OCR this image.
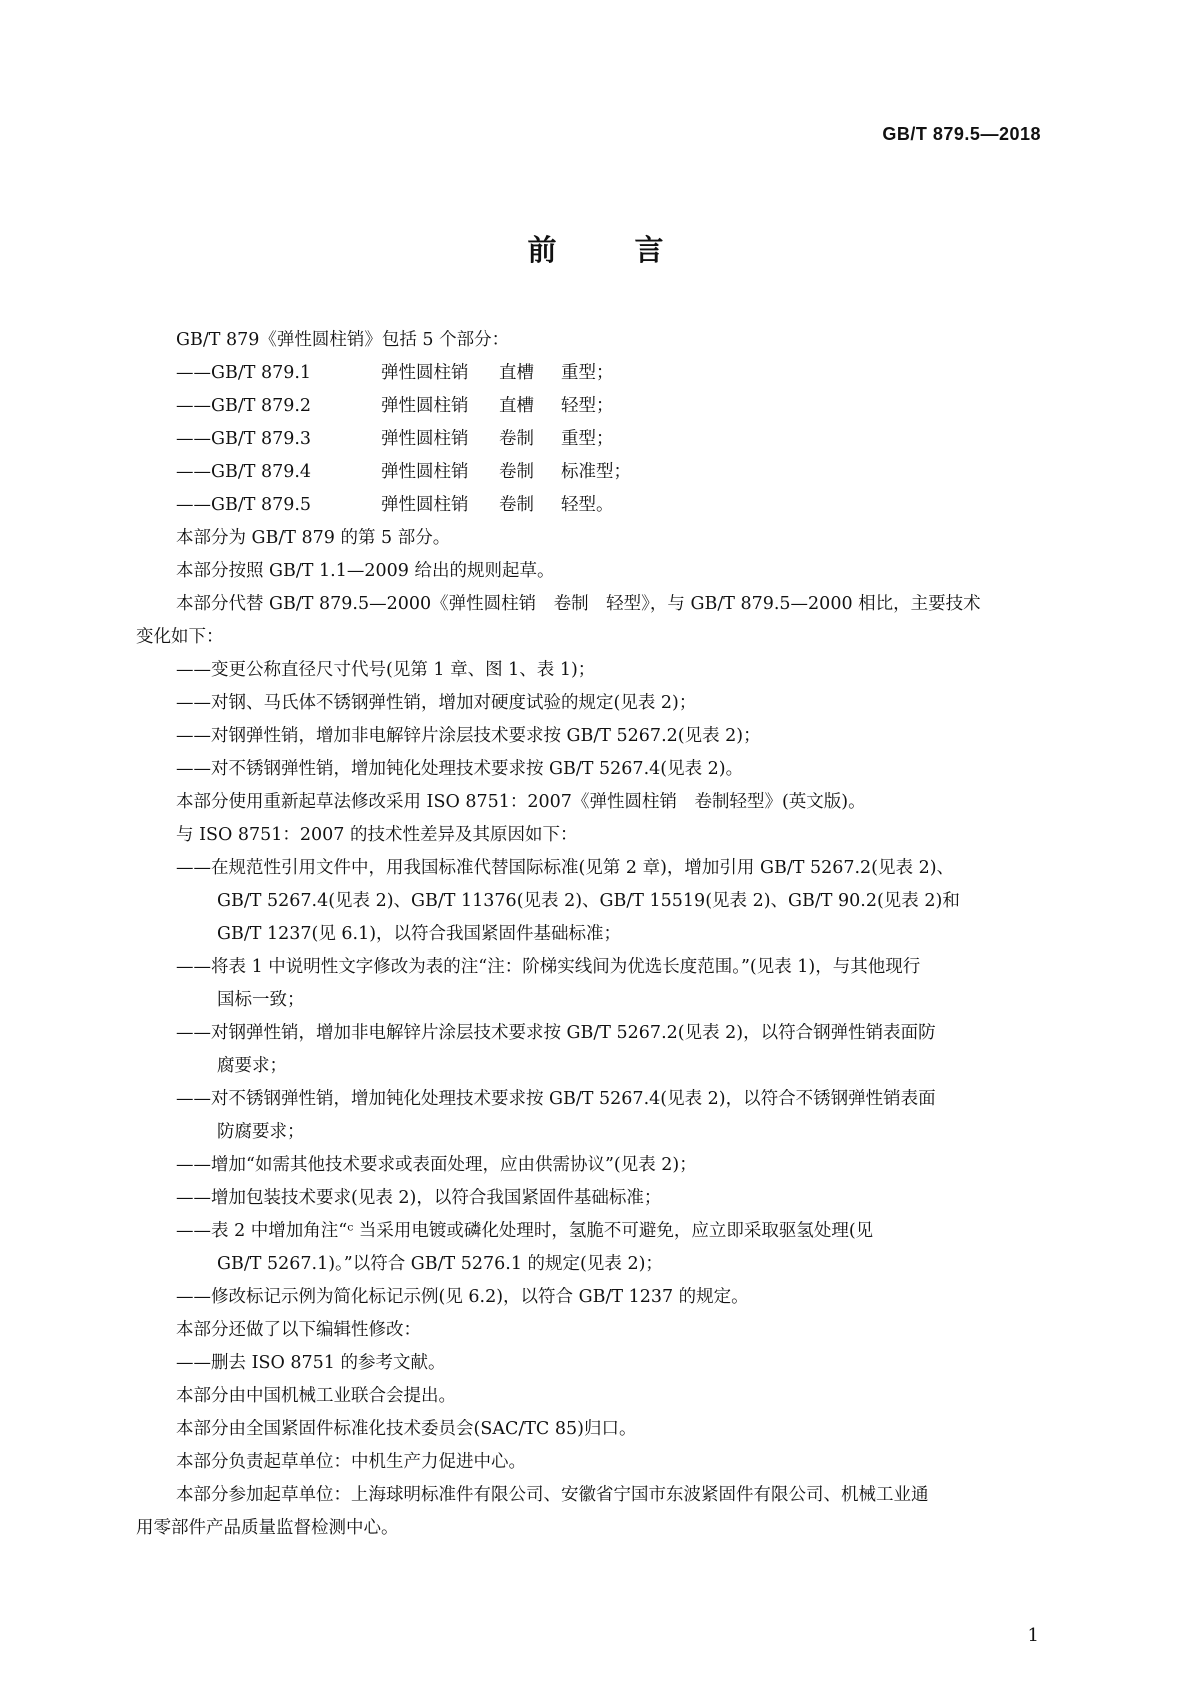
GB/T 879.5—2018
前 言

GB/T 879《弹性圆柱销》包括 5 个部分：

——GB/T 879.1	弹性圆柱销 直槽 重型；
——GB/T 879.2	弹性圆柱销 直槽 轻型；
——GB/T 879.3	弹性圆柱销 卷制 重型；
——GB/T 879.4	弹性圆柱销 卷制 标准型；
——GB/T 879.5	弹性圆柱销 卷制 轻型。

本部分为 GB/T 879 的第 5 部分。

本部分按照 GB/T 1.1—2009 给出的规则起草。

本部分代替 GB/T 879.5—2000《弹性圆柱销　卷制　轻型》，与 GB/T 879.5—2000 相比，主要技术

变化如下：

——变更公称直径尺寸代号(见第 1 章、图 1、表 1)；
——对钢、马氏体不锈钢弹性销，增加对硬度试验的规定(见表 2)；
——对钢弹性销，增加非电解锌片涂层技术要求按 GB/T 5267.2(见表 2)；
——对不锈钢弹性销，增加钝化处理技术要求按 GB/T 5267.4(见表 2)。

本部分使用重新起草法修改采用 ISO 8751：2007《弹性圆柱销　卷制轻型》(英文版)。

与 ISO 8751：2007 的技术性差异及其原因如下：

——在规范性引用文件中，用我国标准代替国际标准(见第 2 章)，增加引用 GB/T 5267.2(见表 2)、
GB/T 5267.4(见表 2)、GB/T 11376(见表 2)、GB/T 15519(见表 2)、GB/T 90.2(见表 2)和
GB/T 1237(见 6.1)，以符合我国紧固件基础标准；
——将表 1 中说明性文字修改为表的注“注：阶梯实线间为优选长度范围。”(见表 1)，与其他现行
国标一致；
——对钢弹性销，增加非电解锌片涂层技术要求按 GB/T 5267.2(见表 2)，以符合钢弹性销表面防
腐要求；
——对不锈钢弹性销，增加钝化处理技术要求按 GB/T 5267.4(见表 2)，以符合不锈钢弹性销表面
防腐要求；
——增加“如需其他技术要求或表面处理，应由供需协议”(见表 2)；
——增加包装技术要求(见表 2)，以符合我国紧固件基础标准；
——表 2 中增加角注“ᶜ 当采用电镀或磷化处理时，氢脆不可避免，应立即采取驱氢处理(见
GB/T 5267.1)。”以符合 GB/T 5276.1 的规定(见表 2)；
——修改标记示例为简化标记示例(见 6.2)，以符合 GB/T 1237 的规定。

本部分还做了以下编辑性修改：

——删去 ISO 8751 的参考文献。

本部分由中国机械工业联合会提出。

本部分由全国紧固件标准化技术委员会(SAC/TC 85)归口。

本部分负责起草单位：中机生产力促进中心。

本部分参加起草单位：上海球明标准件有限公司、安徽省宁国市东波紧固件有限公司、机械工业通

用零部件产品质量监督检测中心。

1
